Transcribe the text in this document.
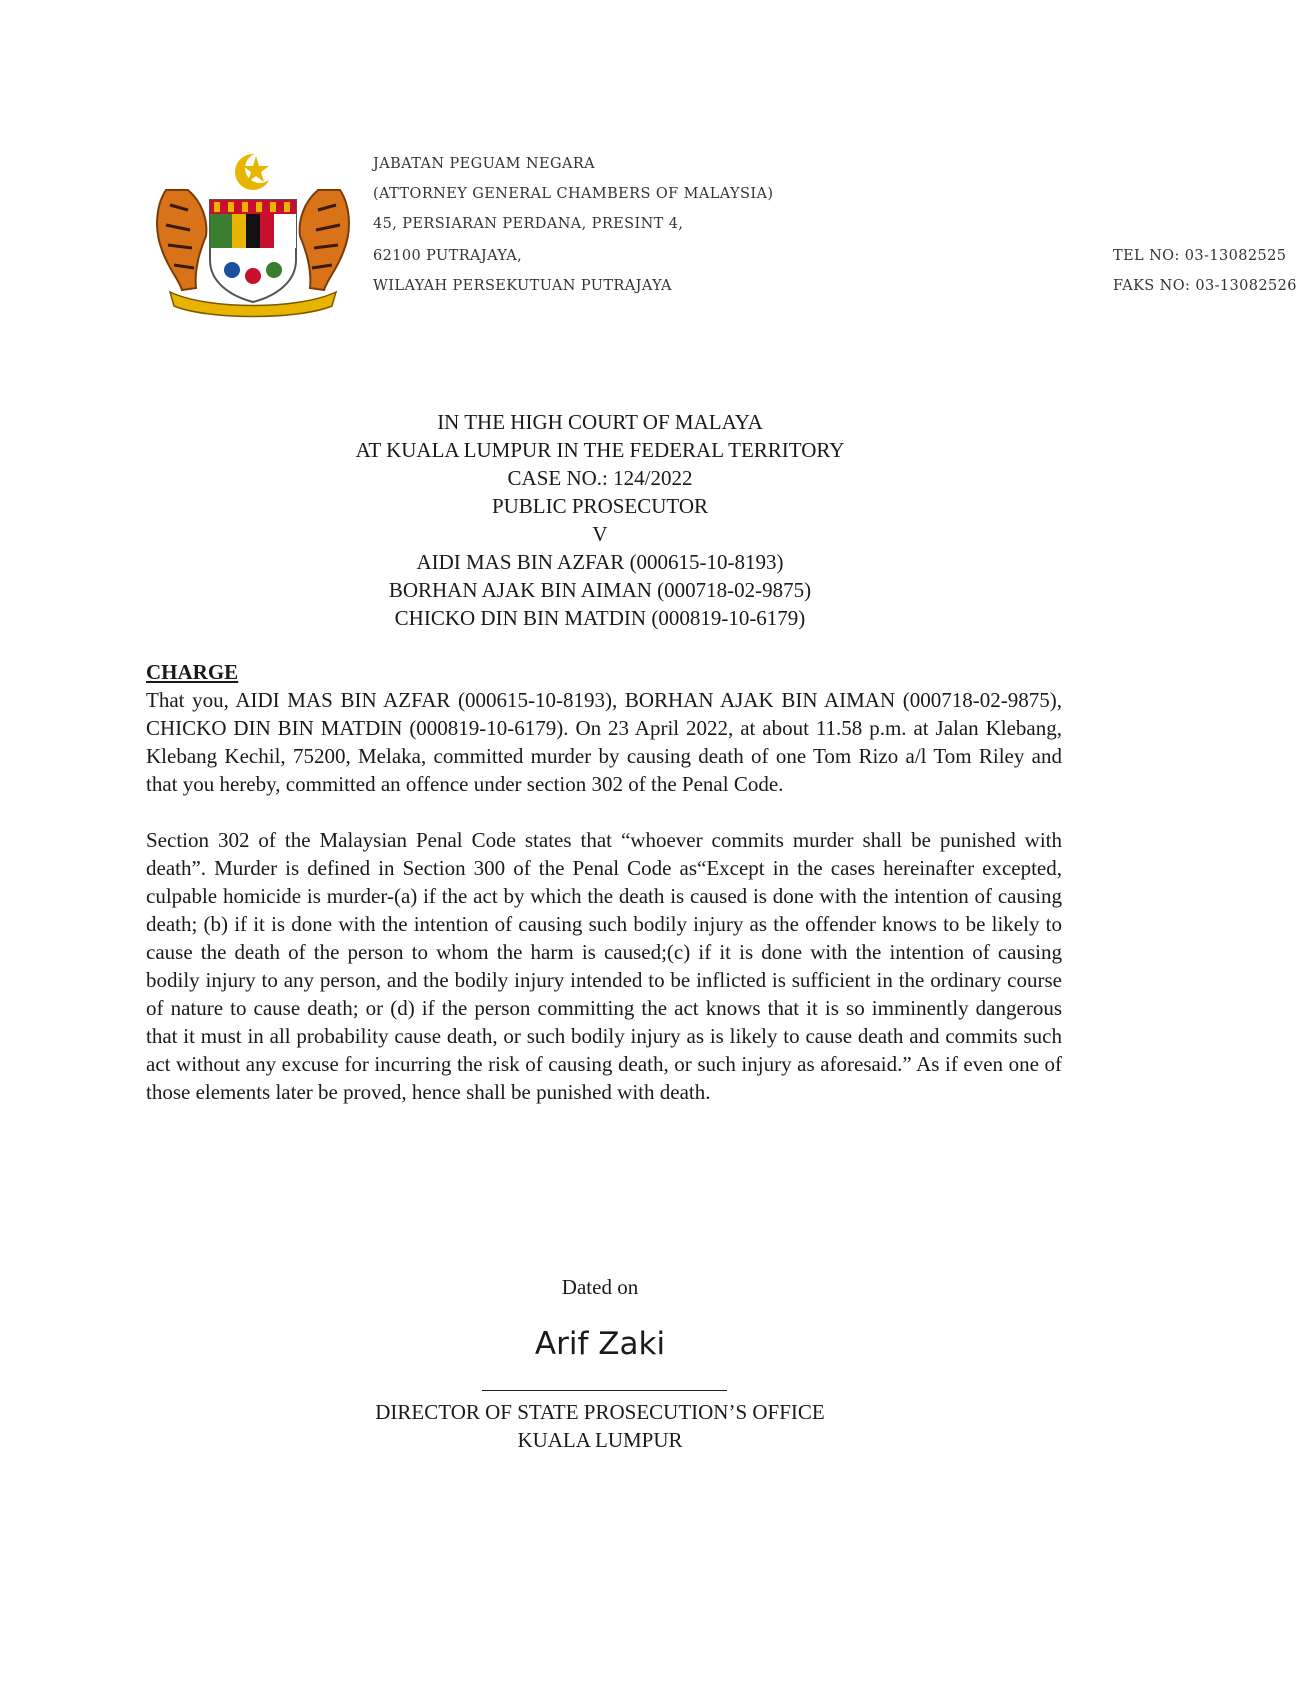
JABATAN PEGUAM NEGARA
(ATTORNEY GENERAL CHAMBERS OF MALAYSIA)
45, PERSIARAN PERDANA, PRESINT 4,
62100 PUTRAJAYA,
WILAYAH PERSEKUTUAN PUTRAJAYA
TEL NO: 03-13082525
FAKS NO: 03-13082526
IN THE HIGH COURT OF MALAYA
AT KUALA LUMPUR IN THE FEDERAL TERRITORY
CASE NO.: 124/2022
PUBLIC PROSECUTOR
V
AIDI MAS BIN AZFAR (000615-10-8193)
BORHAN AJAK BIN AIMAN (000718-02-9875)
CHICKO DIN BIN MATDIN (000819-10-6179)

CHARGE

That you, AIDI MAS BIN AZFAR (000615-10-8193), BORHAN AJAK BIN AIMAN (000718-02-9875), CHICKO DIN BIN MATDIN (000819-10-6179). On 23 April 2022, at about 11.58 p.m. at Jalan Klebang, Klebang Kechil, 75200, Melaka, committed murder by causing death of one Tom Rizo a/l Tom Riley and that you hereby, committed an offence under section 302 of the Penal Code.

Section 302 of the Malaysian Penal Code states that “whoever commits murder shall be punished with death”. Murder is defined in Section 300 of the Penal Code as“Except in the cases hereinafter excepted, culpable homicide is murder-(a) if the act by which the death is caused is done with the intention of causing death; (b) if it is done with the intention of causing such bodily injury as the offender knows to be likely to cause the death of the person to whom the harm is caused;(c) if it is done with the intention of causing bodily injury to any person, and the bodily injury intended to be inflicted is sufficient in the ordinary course of nature to cause death; or (d) if the person committing the act knows that it is so imminently dangerous that it must in all probability cause death, or such bodily injury as is likely to cause death and commits such act without any excuse for incurring the risk of causing death, or such injury as aforesaid.” As if even one of those elements later be proved, hence shall be punished with death.

Dated on
Arif Zaki
DIRECTOR OF STATE PROSECUTION’S OFFICE
KUALA LUMPUR
